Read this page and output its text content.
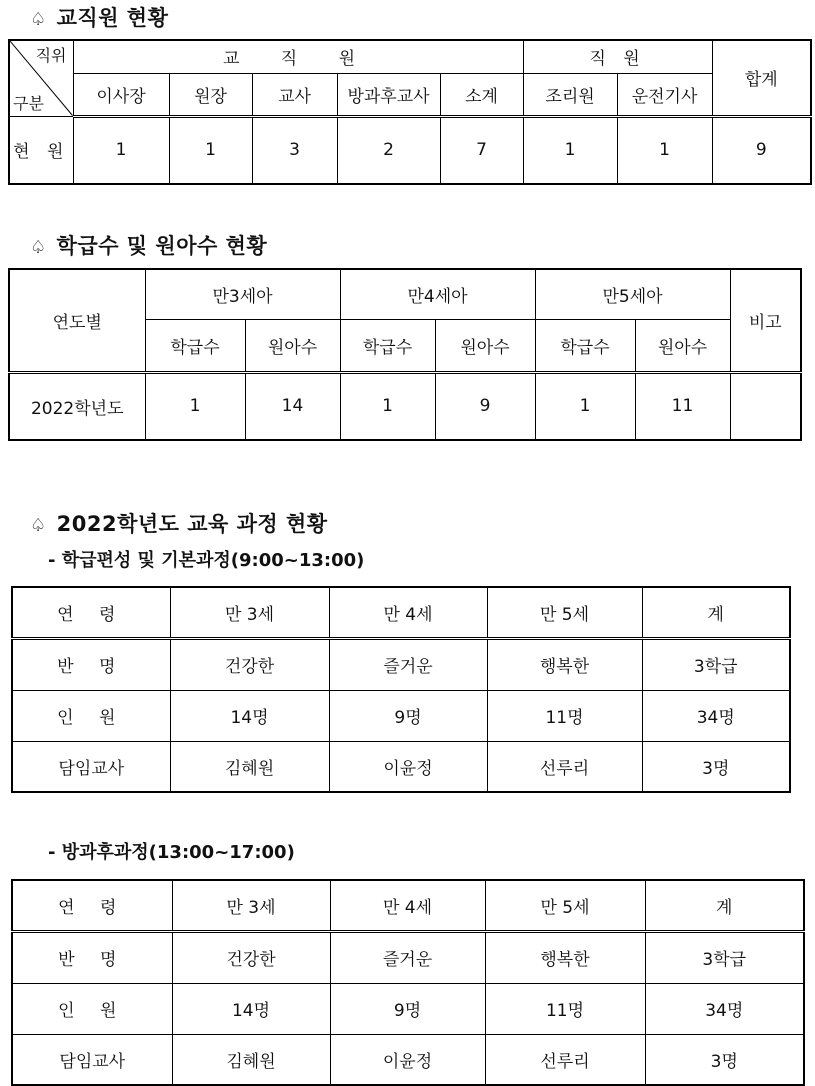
♤ 교직원 현황
직위
구분	교 직 원					직 원		합계
	이사장	원장	교사	방과후교사	소계	조리원	운전기사	
현 원	1	1	3	2	7	1	1	9
♤ 학급수 및 원아수 현황
연도별	만3세아		만4세아		만5세아		비고
	학급수	원아수	학급수	원아수	학급수	원아수	
2022학년도	1	14	1	9	1	11	
♤ 2022학년도 교육 과정 현황
- 학급편성 및 기본과정(9:00~13:00)
연 령	만 3세	만 4세	만 5세	계
반 명	건강한	즐거운	행복한	3학급
인 원	14명	9명	11명	34명
담임교사	김혜원	이윤정	선루리	3명
- 방과후과정(13:00~17:00)
연 령	만 3세	만 4세	만 5세	계
반 명	건강한	즐거운	행복한	3학급
인 원	14명	9명	11명	34명
담임교사	김혜원	이윤정	선루리	3명
